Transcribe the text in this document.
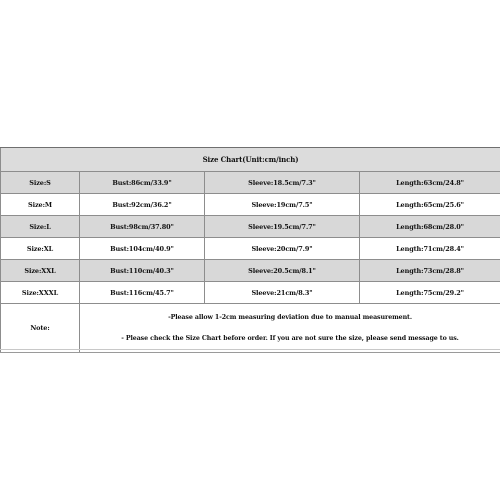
Size Chart(Unit:cm/inch)			
Size:S	Bust:86cm/33.9"	Sleeve:18.5cm/7.3"	Length:63cm/24.8"
Size:M	Bust:92cm/36.2"	Sleeve:19cm/7.5"	Length:65cm/25.6"
Size:L	Bust:98cm/37.80"	Sleeve:19.5cm/7.7"	Length:68cm/28.0"
Size:XL	Bust:104cm/40.9"	Sleeve:20cm/7.9"	Length:71cm/28.4"
Size:XXL	Bust:110cm/40.3"	Sleeve:20.5cm/8.1"	Length:73cm/28.8"
Size:XXXL	Bust:116cm/45.7"	Sleeve:21cm/8.3"	Length:75cm/29.2"
Note:	-Please allow 1-2cm measuring deviation due to manual measurement.
- Please check the Size Chart before order. If you are not sure the size, please send message to us.		
